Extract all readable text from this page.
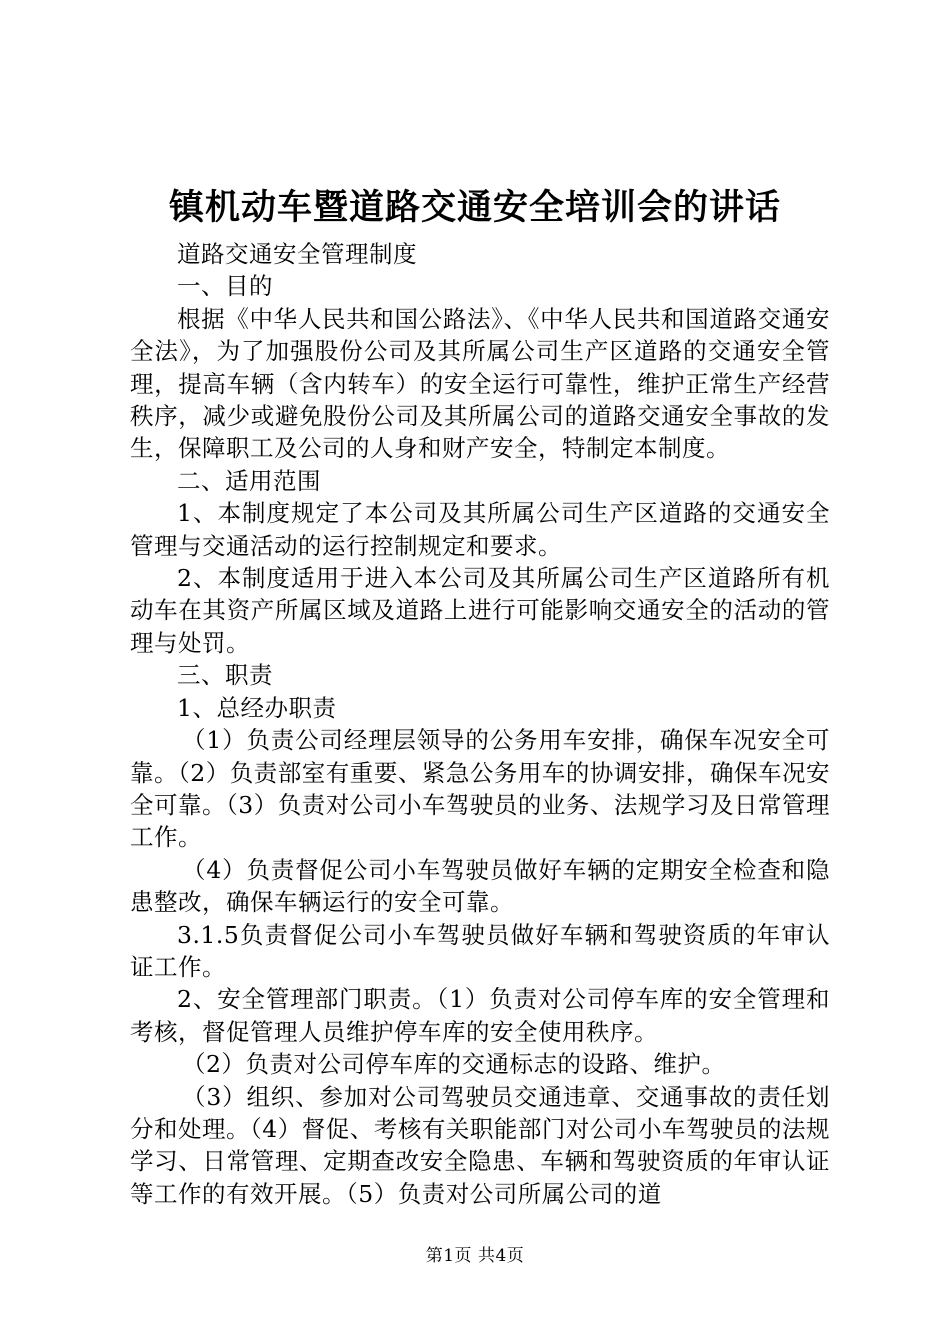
镇机动车暨道路交通安全培训会的讲话

道路交通安全管理制度

一、目的

根据《中华人民共和国公路法》、《中华人民共和国道路交通安全法》，为了加强股份公司及其所属公司生产区道路的交通安全管理，提高车辆（含内转车）的安全运行可靠性，维护正常生产经营秩序，减少或避免股份公司及其所属公司的道路交通安全事故的发生，保障职工及公司的人身和财产安全，特制定本制度。

二、适用范围

1、本制度规定了本公司及其所属公司生产区道路的交通安全管理与交通活动的运行控制规定和要求。

2、本制度适用于进入本公司及其所属公司生产区道路所有机动车在其资产所属区域及道路上进行可能影响交通安全的活动的管理与处罚。

三、职责

1、总经办职责

（1）负责公司经理层领导的公务用车安排，确保车况安全可靠。（2）负责部室有重要、紧急公务用车的协调安排，确保车况安全可靠。（3）负责对公司小车驾驶员的业务、法规学习及日常管理工作。

（4）负责督促公司小车驾驶员做好车辆的定期安全检查和隐患整改，确保车辆运行的安全可靠。

3.1.5负责督促公司小车驾驶员做好车辆和驾驶资质的年审认证工作。

2、安全管理部门职责。（1）负责对公司停车库的安全管理和考核，督促管理人员维护停车库的安全使用秩序。

（2）负责对公司停车库的交通标志的设路、维护。

（3）组织、参加对公司驾驶员交通违章、交通事故的责任划分和处理。（4）督促、考核有关职能部门对公司小车驾驶员的法规学习、日常管理、定期查改安全隐患、车辆和驾驶资质的年审认证等工作的有效开展。（5）负责对公司所属公司的道

第1页 共4页
